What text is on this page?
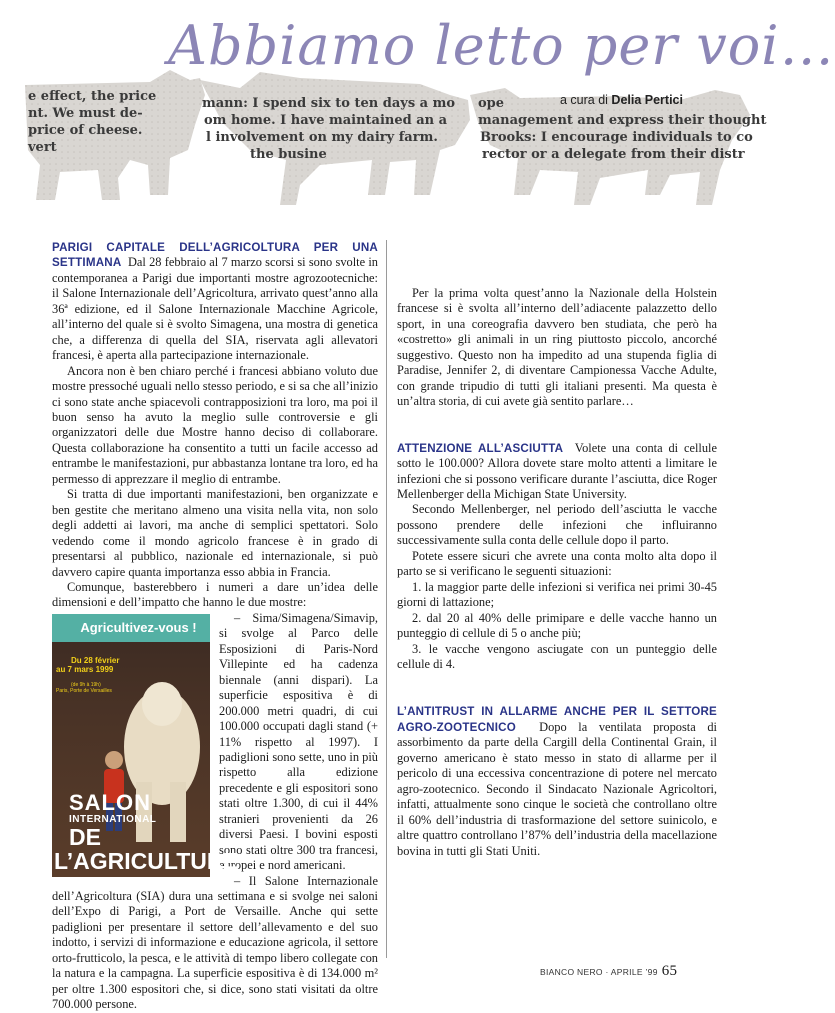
e effect, the price
nt. We must de-
price of cheese.
vert
mann: I spend six to ten days a mo
om home. I have maintained an a
l involvement on my dairy farm.
the busine
ope
management and express their thought
Brooks: I encourage individuals to co
rector or a delegate from their distr
Abbiamo letto per voi…
a cura di Delia Pertici

PARIGI CAPITALE DELL’AGRICOLTURA PER UNA SETTIMANA Dal 28 febbraio al 7 marzo scorsi si sono svolte in contemporanea a Parigi due importanti mostre agrozootecniche: il Salone Internazionale dell’Agricoltura, arrivato quest’anno alla 36ª edizione, ed il Salone Internazionale Macchine Agricole, all’interno del quale si è svolto Simagena, una mostra di genetica che, a differenza di quella del SIA, riservata agli allevatori francesi, è aperta alla partecipazione internazionale.

Ancora non è ben chiaro perché i francesi abbiano voluto due mostre pressoché uguali nello stesso periodo, e si sa che all’inizio ci sono state anche spiacevoli contrapposizioni tra loro, ma poi il buon senso ha avuto la meglio sulle controversie e gli organizzatori delle due Mostre hanno deciso di collaborare. Questa collaborazione ha consentito a tutti un facile accesso ad entrambe le manifestazioni, pur abbastanza lontane tra loro, ed ha permesso di apprezzare il meglio di entrambe.

Si tratta di due importanti manifestazioni, ben organizzate e ben gestite che meritano almeno una visita nella vita, non solo degli addetti ai lavori, ma anche di semplici spettatori. Solo vedendo come il mondo agricolo francese è in grado di presentarsi al pubblico, nazionale ed internazionale, si può davvero capire quanta importanza esso abbia in Francia.

Comunque, basterebbero i numeri a dare un’idea delle dimensioni e dell’impatto che hanno le due mostre:

Agricultivez-vous !
Du 28 février
au 7 mars 1999
(de 9h à 19h)
Paris, Porte de Versailles
SALON
INTERNATIONAL
DE L’AGRICULTURE
– Sima/Simagena/Simavip, si svolge al Parco delle Esposizioni di Paris-Nord Villepinte ed ha cadenza biennale (anni dispari). La superficie espositiva è di 200.000 metri quadri, di cui 100.000 occupati dagli stand (+ 11% rispetto al 1997). I padiglioni sono sette, uno in più rispetto alla edizione precedente e gli espositori sono stati oltre 1.300, di cui il 44% stranieri provenienti da 26 diversi Paesi. I bovini esposti sono stati oltre 300 tra francesi, europei e nord americani.

– Il Salone Internazionale dell’Agricoltura (SIA) dura una settimana e si svolge nei saloni dell’Expo di Parigi, a Port de Versaille. Anche qui sette padiglioni per presentare il settore dell’allevamento e del suo indotto, i servizi di informazione e educazione agricola, il settore orto-frutticolo, la pesca, e le attività di tempo libero collegate con la natura e la campagna. La superficie espositiva è di 134.000 m² per oltre 1.300 espositori che, si dice, sono stati visitati da oltre 700.000 persone.

Per la prima volta quest’anno la Nazionale della Holstein francese si è svolta all’interno dell’adiacente palazzetto dello sport, in una coreografia davvero ben studiata, che però ha «costretto» gli animali in un ring piuttosto piccolo, ancorché suggestivo. Questo non ha impedito ad una stupenda figlia di Paradise, Jennifer 2, di diventare Campionessa Vacche Adulte, con grande tripudio di tutti gli italiani presenti. Ma questa è un’altra storia, di cui avete già sentito parlare…

ATTENZIONE ALL’ASCIUTTA Volete una conta di cellule sotto le 100.000? Allora dovete stare molto attenti a limitare le infezioni che si possono verificare durante l’asciutta, dice Roger Mellenberger della Michigan State University.

Secondo Mellenberger, nel periodo dell’asciutta le vacche possono prendere delle infezioni che influiranno successivamente sulla conta delle cellule dopo il parto.

Potete essere sicuri che avrete una conta molto alta dopo il parto se si verificano le seguenti situazioni:

1. la maggior parte delle infezioni si verifica nei primi 30-45 giorni di lattazione;

2. dal 20 al 40% delle primipare e delle vacche hanno un punteggio di cellule di 5 o anche più;

3. le vacche vengono asciugate con un punteggio delle cellule di 4.

L’ANTITRUST IN ALLARME ANCHE PER IL SETTORE AGRO-ZOOTECNICO Dopo la ventilata proposta di assorbimento da parte della Cargill della Continental Grain, il governo americano è stato messo in stato di allarme per il pericolo di una eccessiva concentrazione di potere nel mercato agro-zootecnico. Secondo il Sindacato Nazionale Agricoltori, infatti, attualmente sono cinque le società che controllano oltre il 60% dell’industria di trasformazione del settore suinicolo, e altre quattro controllano l’87% dell’industria della macellazione bovina in tutti gli Stati Uniti.

BIANCO NERO · APRILE ’99 65
